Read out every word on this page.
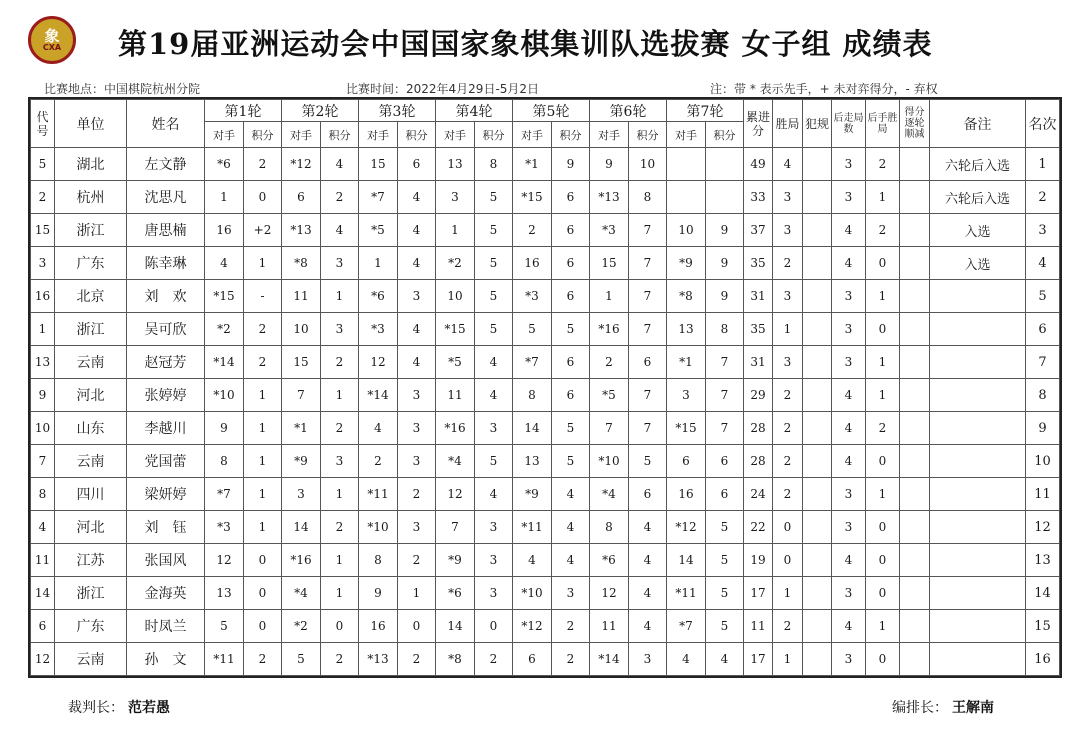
象
CXA 第19届亚洲运动会中国国家象棋集训队选拔赛 女子组 成绩表
比赛地点：中国棋院杭州分院	比赛时间：2022年4月29日-5月2日	注：带 * 表示先手，+ 未对弈得分，- 弃权
代号	单位	姓名	第1轮		第2轮		第3轮		第4轮		第5轮		第6轮		第7轮		累进分	胜局	犯规	后走局数	后手胜局	得分逐轮顺减	备注	名次
			对手	积分	对手	积分	对手	积分	对手	积分	对手	积分	对手	积分	对手	积分								
5	湖北	左文静	*6	2	*12	4	15	6	13	8	*1	9	9	10			49	4		3	2		六轮后入选	1
2	杭州	沈思凡	1	0	6	2	*7	4	3	5	*15	6	*13	8			33	3		3	1		六轮后入选	2
15	浙江	唐思楠	16	+2	*13	4	*5	4	1	5	2	6	*3	7	10	9	37	3		4	2		入选	3
3	广东	陈幸琳	4	1	*8	3	1	4	*2	5	16	6	15	7	*9	9	35	2		4	0		入选	4
16	北京	刘　欢	*15	-	11	1	*6	3	10	5	*3	6	1	7	*8	9	31	3		3	1			5
1	浙江	吴可欣	*2	2	10	3	*3	4	*15	5	5	5	*16	7	13	8	35	1		3	0			6
13	云南	赵冠芳	*14	2	15	2	12	4	*5	4	*7	6	2	6	*1	7	31	3		3	1			7
9	河北	张婷婷	*10	1	7	1	*14	3	11	4	8	6	*5	7	3	7	29	2		4	1			8
10	山东	李越川	9	1	*1	2	4	3	*16	3	14	5	7	7	*15	7	28	2		4	2			9
7	云南	党国蕾	8	1	*9	3	2	3	*4	5	13	5	*10	5	6	6	28	2		4	0			10
8	四川	梁妍婷	*7	1	3	1	*11	2	12	4	*9	4	*4	6	16	6	24	2		3	1			11
4	河北	刘　钰	*3	1	14	2	*10	3	7	3	*11	4	8	4	*12	5	22	0		3	0			12
11	江苏	张国风	12	0	*16	1	8	2	*9	3	4	4	*6	4	14	5	19	0		4	0			13
14	浙江	金海英	13	0	*4	1	9	1	*6	3	*10	3	12	4	*11	5	17	1		3	0			14
6	广东	时凤兰	5	0	*2	0	16	0	14	0	*12	2	11	4	*7	5	11	2		4	1			15
12	云南	孙　文	*11	2	5	2	*13	2	*8	2	6	2	*14	3	4	4	17	1		3	0			16
裁判长： 范若愚	编排长： 王解南
